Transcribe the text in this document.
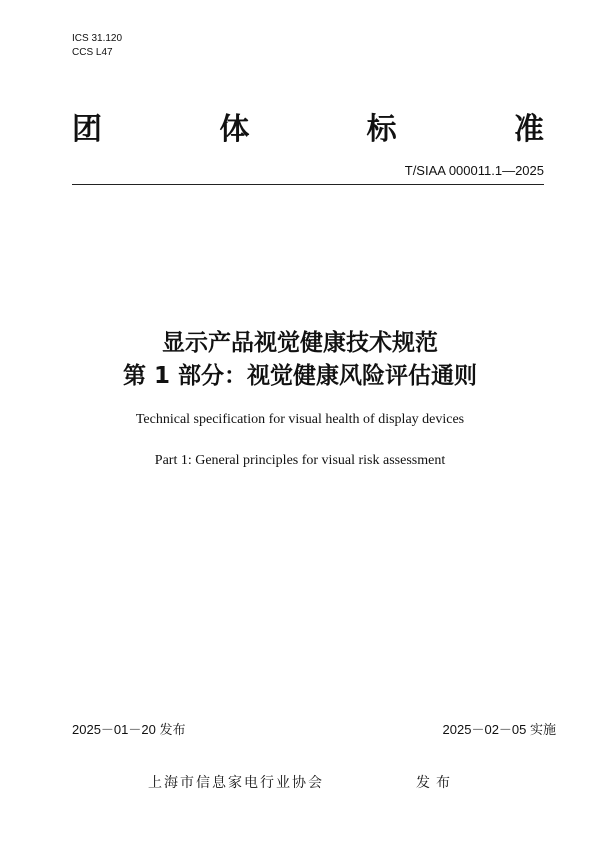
ICS 31.120
CCS L47
团	体	标	准
T/SIAA 000011.1—2025
显示产品视觉健康技术规范
第 1 部分：视觉健康风险评估通则
Technical specification for visual health of display devices
Part 1: General principles for visual risk assessment
2025－01－20 发布	2025－02－05 实施
上海市信息家电行业协会	发布
